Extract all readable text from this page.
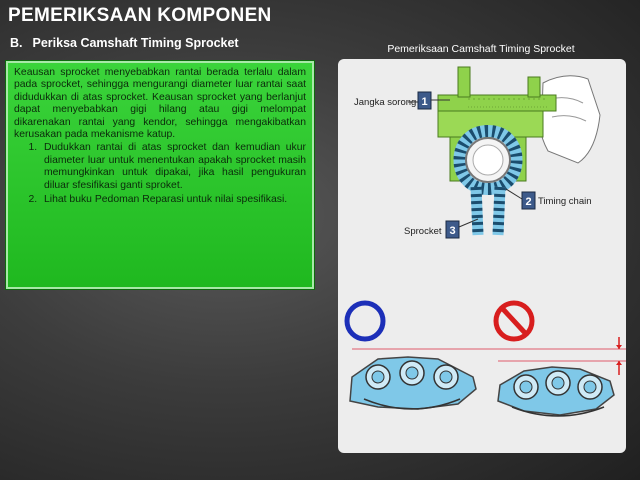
PEMERIKSAAN KOMPONEN
B. Periksa Camshaft Timing Sprocket	Pemeriksaan Camshaft Timing Sprocket

Keausan sprocket menyebabkan rantai berada terlalu dalam pada sprocket, sehingga mengurangi diameter luar rantai saat didudukkan di atas sprocket. Keausan sprocket yang berlanjut dapat menyebabkan gigi hilang atau gigi melompat dikarenakan rantai yang kendor, sehingga mengakibatkan kerusakan pada mekanisme katup.

1. Dudukkan rantai di atas sprocket dan kemudian ukur diameter luar untuk menentukan apakah sprocket masih memungkinkan untuk dipakai, jika hasil pengukuran diluar sfesifikasi ganti sproket.
2. Lihat buku Pedoman Reparasi untuk nilai spesifikasi.
Jangka sorong 1
2 Timing chain
Sprocket 3
